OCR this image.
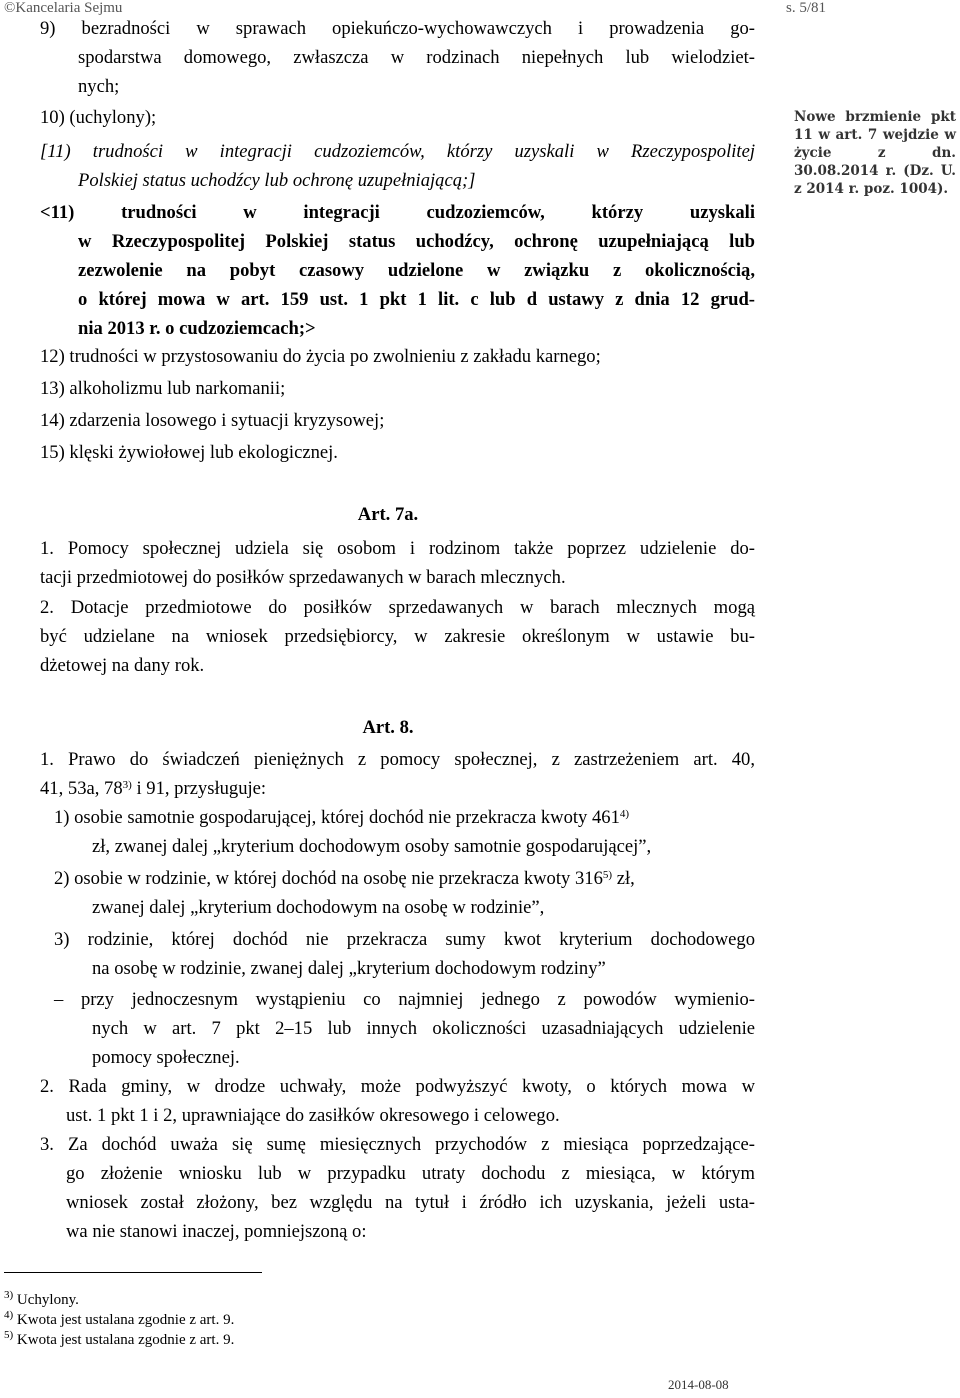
©Kancelaria Sejmu	s. 5/81
9) bezradności w sprawach opiekuńczo-wychowawczych i prowadzenia go-
spodarstwa domowego, zwłaszcza w rodzinach niepełnych lub wielodziet-
nych;
10) (uchylony);
[11) trudności w integracji cudzoziemców, którzy uzyskali w Rzeczypospolitej
Polskiej status uchodźcy lub ochronę uzupełniającą;]
<11) trudności w integracji cudzoziemców, którzy uzyskali
w Rzeczypospolitej Polskiej status uchodźcy, ochronę uzupełniającą lub
zezwolenie na pobyt czasowy udzielone w związku z okolicznością,
o której mowa w art. 159 ust. 1 pkt 1 lit. c lub d ustawy z dnia 12 grud-
nia 2013 r. o cudzoziemcach;>
12) trudności w przystosowaniu do życia po zwolnieniu z zakładu karnego;
13) alkoholizmu lub narkomanii;
14) zdarzenia losowego i sytuacji kryzysowej;
15) klęski żywiołowej lub ekologicznej.
Nowe brzmienie pkt
11 w art. 7 wejdzie w
życie z dn.
30.08.2014 r. (Dz. U.
z 2014 r. poz. 1004).
Art. 7a.
1. Pomocy społecznej udziela się osobom i rodzinom także poprzez udzielenie do-
tacji przedmiotowej do posiłków sprzedawanych w barach mlecznych.
2. Dotacje przedmiotowe do posiłków sprzedawanych w barach mlecznych mogą
być udzielane na wniosek przedsiębiorcy, w zakresie określonym w ustawie bu-
dżetowej na dany rok.
Art. 8.
1. Prawo do świadczeń pieniężnych z pomocy społecznej, z zastrzeżeniem art. 40,
41, 53a, 78$^{3)}$ i 91, przysługuje:
1) osobie samotnie gospodarującej, której dochód nie przekracza kwoty 461$^{4)}$
zł, zwanej dalej „kryterium dochodowym osoby samotnie gospodarującej”,
2) osobie w rodzinie, w której dochód na osobę nie przekracza kwoty 316$^{5)}$ zł,
zwanej dalej „kryterium dochodowym na osobę w rodzinie”,
3) rodzinie, której dochód nie przekracza sumy kwot kryterium dochodowego
na osobę w rodzinie, zwanej dalej „kryterium dochodowym rodziny”
– przy jednoczesnym wystąpieniu co najmniej jednego z powodów wymienio-
nych w art. 7 pkt 2–15 lub innych okoliczności uzasadniających udzielenie
pomocy społecznej.
2. Rada gminy, w drodze uchwały, może podwyższyć kwoty, o których mowa w
ust. 1 pkt 1 i 2, uprawniające do zasiłków okresowego i celowego.
3. Za dochód uważa się sumę miesięcznych przychodów z miesiąca poprzedzające-
go złożenie wniosku lub w przypadku utraty dochodu z miesiąca, w którym
wniosek został złożony, bez względu na tytuł i źródło ich uzyskania, jeżeli usta-
wa nie stanowi inaczej, pomniejszoną o:
$^{3)}$ Uchylony.
$^{4)}$ Kwota jest ustalana zgodnie z art. 9.
$^{5)}$ Kwota jest ustalana zgodnie z art. 9.
2014-08-08
